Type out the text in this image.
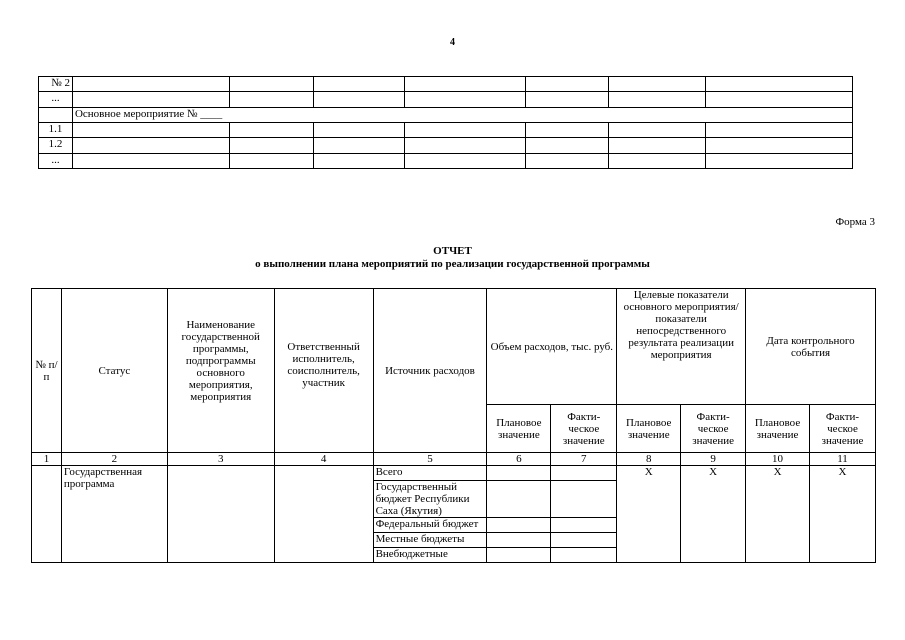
4
№ 2							
...							
	Основное мероприятие № ____						
1.1							
1.2							
...							
Форма 3
ОТЧЕТ
о выполнении плана мероприятий по реализации государственной программы
№ п/п	Статус	Наименование государственной программы, подпрограммы основного мероприятия, мероприятия	Ответственный исполнитель, соисполнитель, участник	Источник расходов	Объем расходов, тыс. руб.		Целевые показатели основного мероприятия/ показатели непосредственного результата реализации мероприятия		Дата контрольного события	
					Плановое значение	Факти-ческое значение	Плановое значение	Факти-ческое значение	Плановое значение	Факти-ческое значение
1	2	3	4	5	6	7	8	9	10	11
	Государственная программа			Всего			X	X	X	X
				Государственный бюджет Республики Саха (Якутия)						
				Федеральный бюджет						
				Местные бюджеты						
				Внебюджетные						
